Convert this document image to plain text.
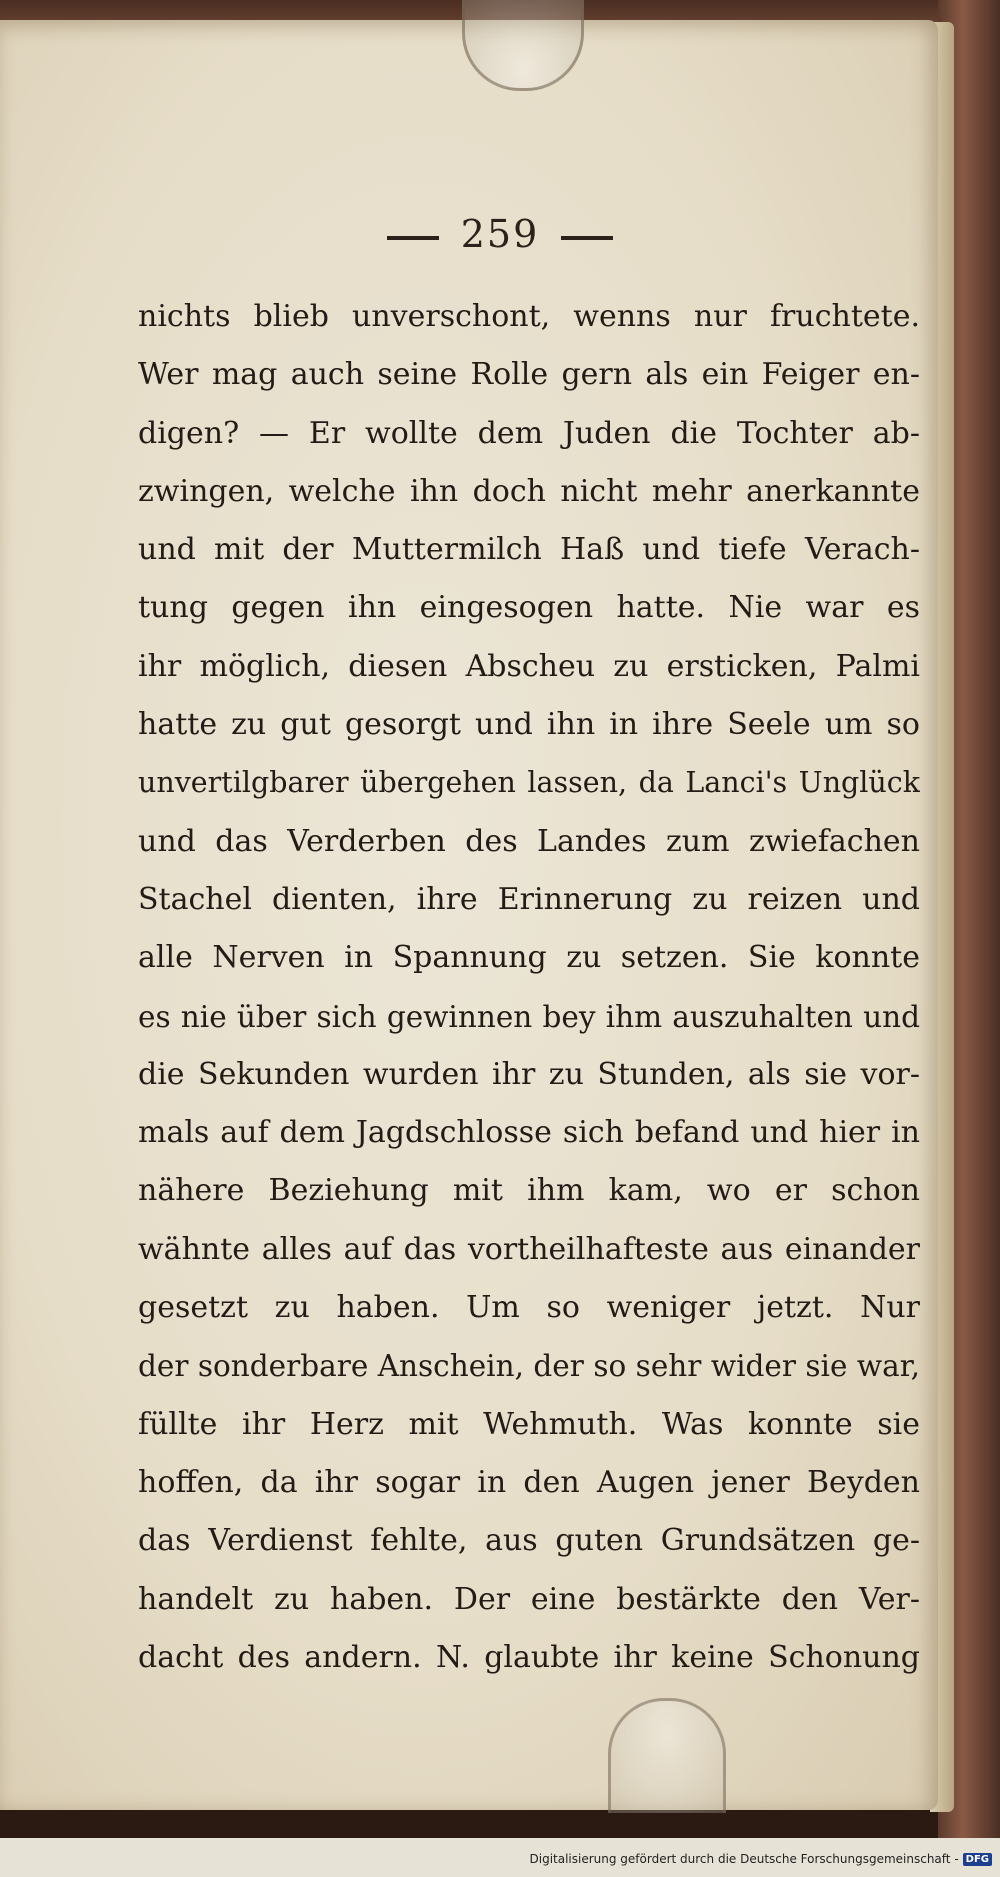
259
nichts blieb unverschont, wenns nur fruchtete.
Wer mag auch seine Rolle gern als ein Feiger en-
digen? — Er wollte dem Juden die Tochter ab-
zwingen, welche ihn doch nicht mehr anerkannte
und mit der Muttermilch Haß und tiefe Verach-
tung gegen ihn eingesogen hatte. Nie war es
ihr möglich, diesen Abscheu zu ersticken, Palmi
hatte zu gut gesorgt und ihn in ihre Seele um so
unvertilgbarer übergehen lassen, da Lanci's Unglück
und das Verderben des Landes zum zwiefachen
Stachel dienten, ihre Erinnerung zu reizen und
alle Nerven in Spannung zu setzen. Sie konnte
es nie über sich gewinnen bey ihm auszuhalten und
die Sekunden wurden ihr zu Stunden, als sie vor-
mals auf dem Jagdschlosse sich befand und hier in
nähere Beziehung mit ihm kam, wo er schon
wähnte alles auf das vortheilhafteste aus einander
gesetzt zu haben. Um so weniger jetzt. Nur
der sonderbare Anschein, der so sehr wider sie war,
füllte ihr Herz mit Wehmuth. Was konnte sie
hoffen, da ihr sogar in den Augen jener Beyden
das Verdienst fehlte, aus guten Grundsätzen ge-
handelt zu haben. Der eine bestärkte den Ver-
dacht des andern. N. glaubte ihr keine Schonung
Digitalisierung gefördert durch die Deutsche Forschungsgemeinschaft - DFG
